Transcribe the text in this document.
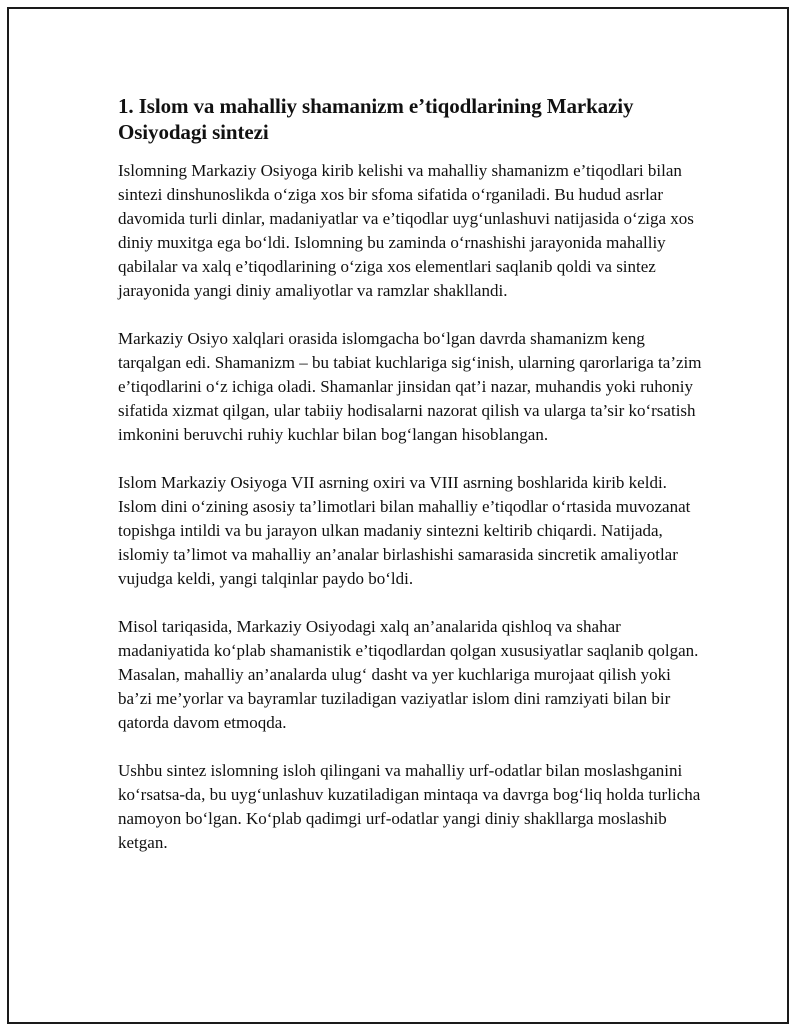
1. Islom va mahalliy shamanizm e’tiqodlarining Markaziy Osiyodagi sintezi

Islomning Markaziy Osiyoga kirib kelishi va mahalliy shamanizm e’tiqodlari bilan sintezi dinshunoslikda o‘ziga xos bir sfoma sifatida o‘rganiladi. Bu hudud asrlar davomida turli dinlar, madaniyatlar va e’tiqodlar uyg‘unlashuvi natijasida o‘ziga xos diniy muxitga ega bo‘ldi. Islomning bu zaminda o‘rnashishi jarayonida mahalliy qabilalar va xalq e’tiqodlarining o‘ziga xos elementlari saqlanib qoldi va sintez jarayonida yangi diniy amaliyotlar va ramzlar shakllandi.

Markaziy Osiyo xalqlari orasida islomgacha bo‘lgan davrda shamanizm keng tarqalgan edi. Shamanizm – bu tabiat kuchlariga sig‘inish, ularning qarorlariga ta’zim e’tiqodlarini o‘z ichiga oladi. Shamanlar jinsidan qat’i nazar, muhandis yoki ruhoniy sifatida xizmat qilgan, ular tabiiy hodisalarni nazorat qilish va ularga ta’sir ko‘rsatish imkonini beruvchi ruhiy kuchlar bilan bog‘langan hisoblangan.

Islom Markaziy Osiyoga VII asrning oxiri va VIII asrning boshlarida kirib keldi. Islom dini o‘zining asosiy ta’limotlari bilan mahalliy e’tiqodlar o‘rtasida muvozanat topishga intildi va bu jarayon ulkan madaniy sintezni keltirib chiqardi. Natijada, islomiy ta’limot va mahalliy an’analar birlashishi samarasida sincretik amaliyotlar vujudga keldi, yangi talqinlar paydo bo‘ldi.

Misol tariqasida, Markaziy Osiyodagi xalq an’analarida qishloq va shahar madaniyatida ko‘plab shamanistik e’tiqodlardan qolgan xususiyatlar saqlanib qolgan. Masalan, mahalliy an’analarda ulug‘ dasht va yer kuchlariga murojaat qilish yoki ba’zi me’yorlar va bayramlar tuziladigan vaziyatlar islom dini ramziyati bilan bir qatorda davom etmoqda.

Ushbu sintez islomning isloh qilingani va mahalliy urf-odatlar bilan moslashganini ko‘rsatsa-da, bu uyg‘unlashuv kuzatiladigan mintaqa va davrga bog‘liq holda turlicha namoyon bo‘lgan. Ko‘plab qadimgi urf-odatlar yangi diniy shakllarga moslashib ketgan.
